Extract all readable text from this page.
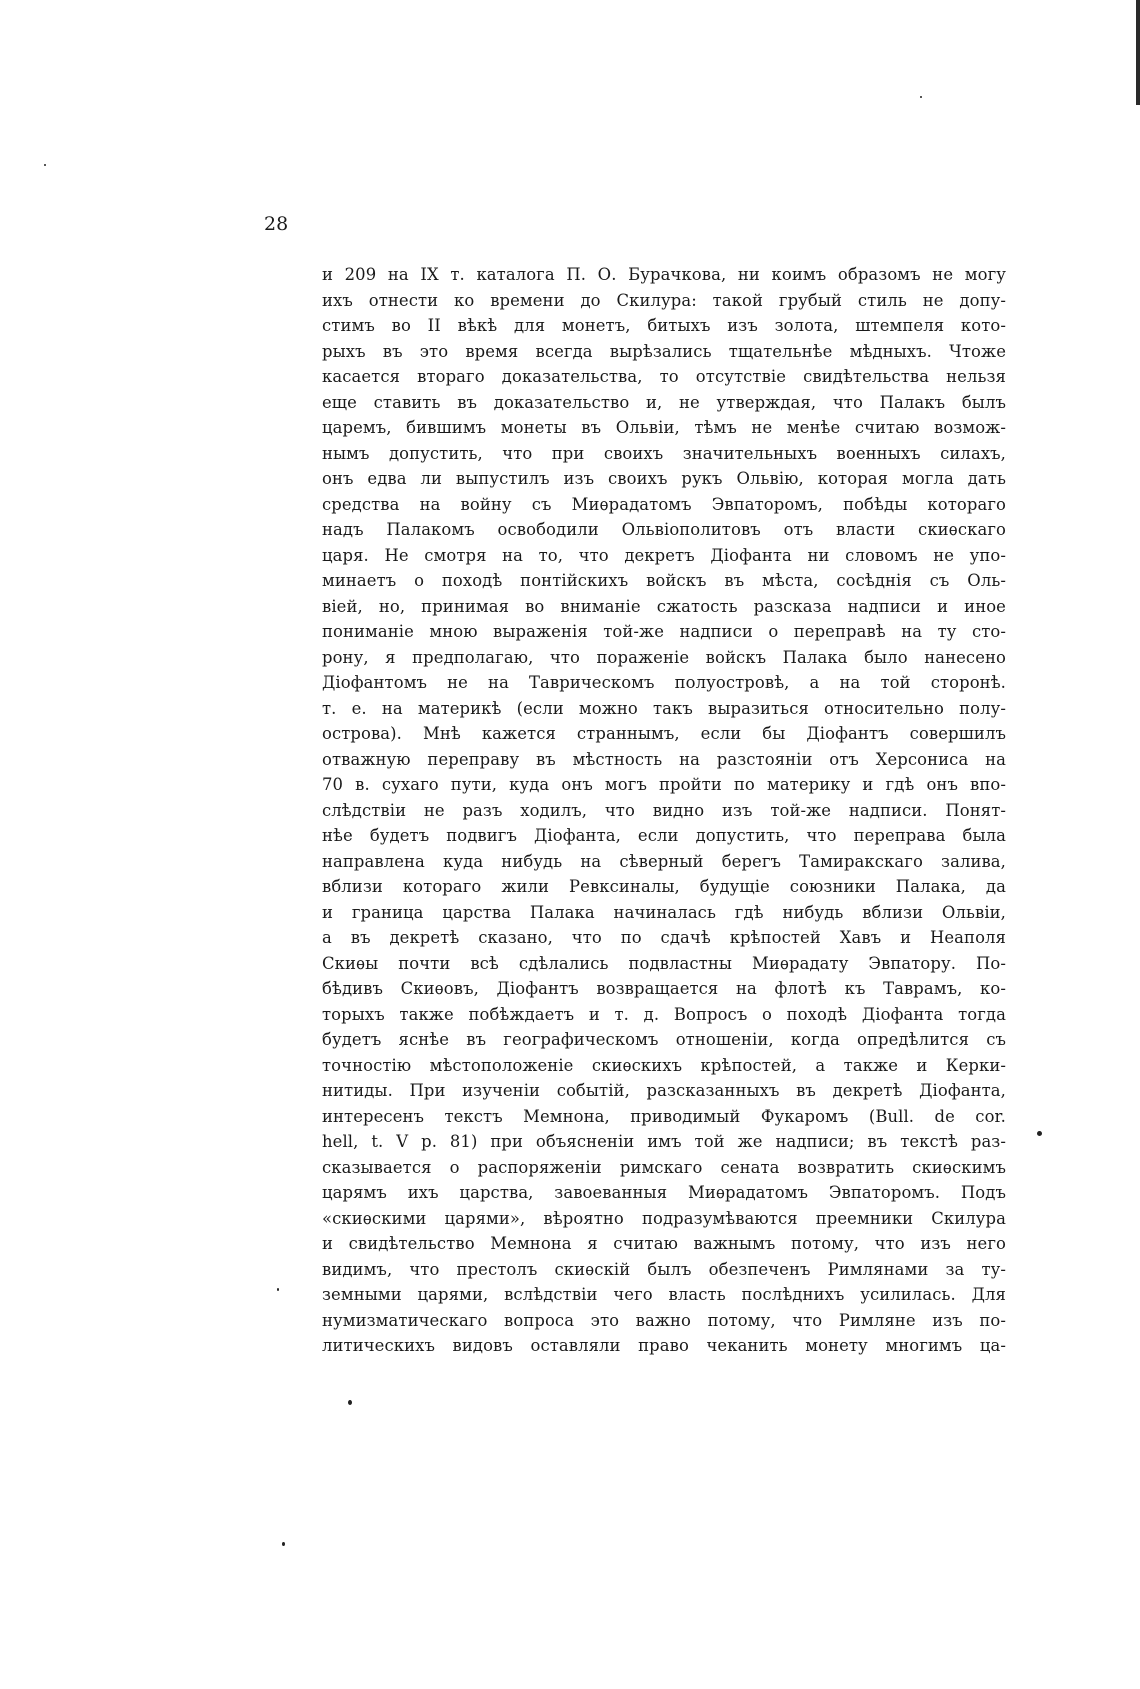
28
и 209 на IX т. каталога П. О. Бурачкова, ни коимъ образомъ не могу
ихъ отнести ко времени до Скилура: такой грубый стиль не допу-
стимъ во II вѣкѣ для монетъ, битыхъ изъ золота, штемпеля кото-
рыхъ въ это время всегда вырѣзались тщательнѣе мѣдныхъ. Чтоже
касается втораго доказательства, то отсутствіе свидѣтельства нельзя
еще ставить въ доказательство и, не утверждая, что Палакъ былъ
царемъ, бившимъ монеты въ Ольвіи, тѣмъ не менѣе считаю возмож-
нымъ допустить, что при своихъ значительныхъ военныхъ силахъ,
онъ едва ли выпустилъ изъ своихъ рукъ Ольвію, которая могла дать
средства на войну съ Миѳрадатомъ Эвпаторомъ, побѣды котораго
надъ Палакомъ освободили Ольвіополитовъ отъ власти скиѳскаго
царя. Не смотря на то, что декретъ Діофанта ни словомъ не упо-
минаетъ о походѣ понтійскихъ войскъ въ мѣста, сосѣднія съ Оль-
віей, но, принимая во вниманіе сжатость разсказа надписи и иное
пониманіе мною выраженія той-же надписи о переправѣ на ту сто-
рону, я предполагаю, что пораженіе войскъ Палака было нанесено
Діофантомъ не на Таврическомъ полуостровѣ, а на той сторонѣ.
т. е. на материкѣ (если можно такъ выразиться относительно полу-
острова). Мнѣ кажется страннымъ, если бы Діофантъ совершилъ
отважную переправу въ мѣстность на разстояніи отъ Херсониса на
70 в. сухаго пути, куда онъ могъ пройти по материку и гдѣ онъ впо-
слѣдствіи не разъ ходилъ, что видно изъ той-же надписи. Понят-
нѣе будетъ подвигъ Діофанта, если допустить, что переправа была
направлена куда нибудь на сѣверный берегъ Тамиракскаго залива,
вблизи котораго жили Ревксиналы, будущіе союзники Палака, да
и граница царства Палака начиналась гдѣ нибудь вблизи Ольвіи,
а въ декретѣ сказано, что по сдачѣ крѣпостей Хавъ и Неаполя
Скиѳы почти всѣ сдѣлались подвластны Миѳрадату Эвпатору. По-
бѣдивъ Скиѳовъ, Діофантъ возвращается на флотѣ къ Таврамъ, ко-
торыхъ также побѣждаетъ и т. д. Вопросъ о походѣ Діофанта тогда
будетъ яснѣе въ географическомъ отношеніи, когда опредѣлится съ
точностію мѣстоположеніе скиѳскихъ крѣпостей, а также и Керки-
нитиды. При изученіи событій, разсказанныхъ въ декретѣ Діофанта,
интересенъ текстъ Мемнона, приводимый Фукаромъ (Bull. de cor.
hell, t. V p. 81) при объясненіи имъ той же надписи; въ текстѣ раз-
сказывается о распоряженіи римскаго сената возвратить скиѳскимъ
царямъ ихъ царства, завоеванныя Миѳрадатомъ Эвпаторомъ. Подъ
«скиѳскими царями», вѣроятно подразумѣваются преемники Скилура
и свидѣтельство Мемнона я считаю важнымъ потому, что изъ него
видимъ, что престолъ скиѳскій былъ обезпеченъ Римлянами за ту-
земными царями, вслѣдствіи чего власть послѣднихъ усилилась. Для
нумизматическаго вопроса это важно потому, что Римляне изъ по-
литическихъ видовъ оставляли право чеканить монету многимъ ца-
